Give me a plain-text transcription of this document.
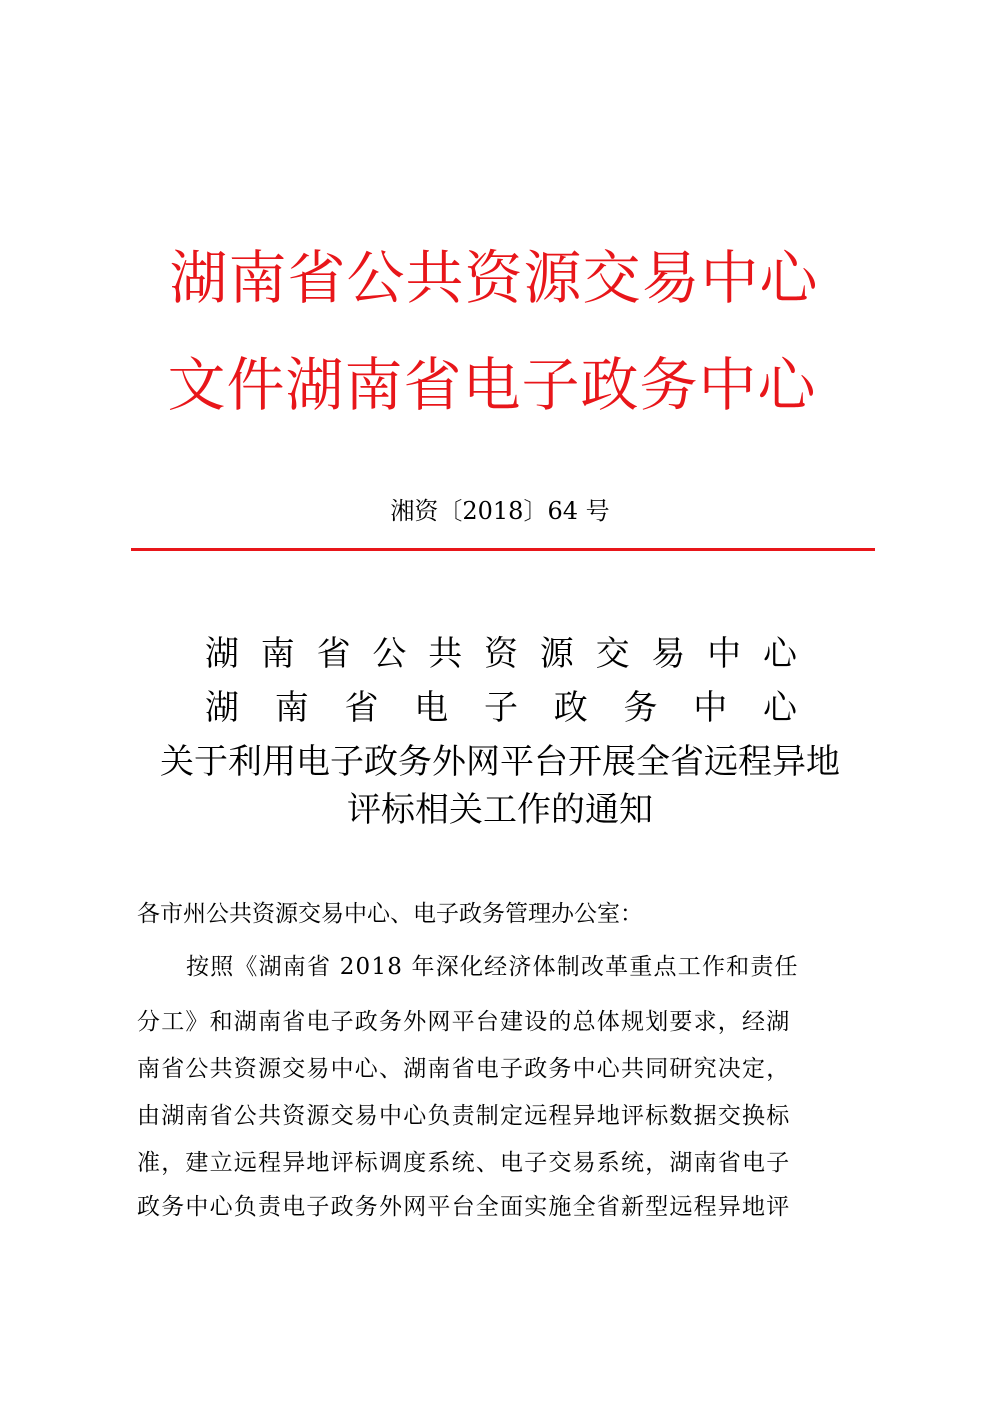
湖南省公共资源交易中心
文件湖南省电子政务中心
湘资〔2018〕64 号
湖 南 省 公 共 资 源 交 易 中 心
湖 南 省 电 子 政 务 中 心
关于利用电子政务外网平台开展全省远程异地
评标相关工作的通知
各市州公共资源交易中心、电子政务管理办公室：
按照《湖南省 2018 年深化经济体制改革重点工作和责任
分工》和湖南省电子政务外网平台建设的总体规划要求，经湖
南省公共资源交易中心、湖南省电子政务中心共同研究决定，
由湖南省公共资源交易中心负责制定远程异地评标数据交换标
准，建立远程异地评标调度系统、电子交易系统，湖南省电子
政务中心负责电子政务外网平台全面实施全省新型远程异地评
